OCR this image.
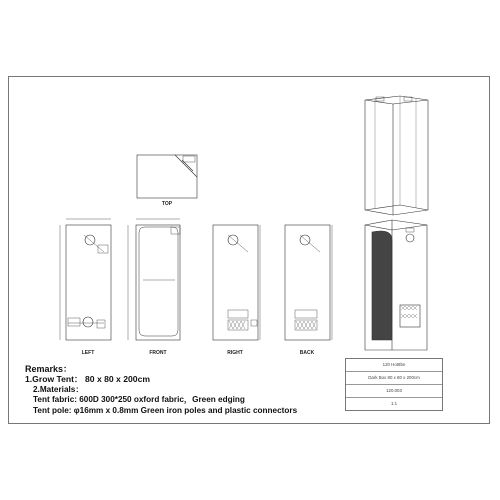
TOP
LEFT	FRONT	RIGHT	BACK
Remarks：
1.Grow Tent： 80 x 80 x 200cm
2.Materials：
Tent fabric: 600D 300*250 oxford fabric，Green edging
Tent pole: φ16mm x 0.8mm Green iron poles and plastic connectors
120 Hot8bn
Dark Box 80 x 80 x 200cm
120.003
1:1
